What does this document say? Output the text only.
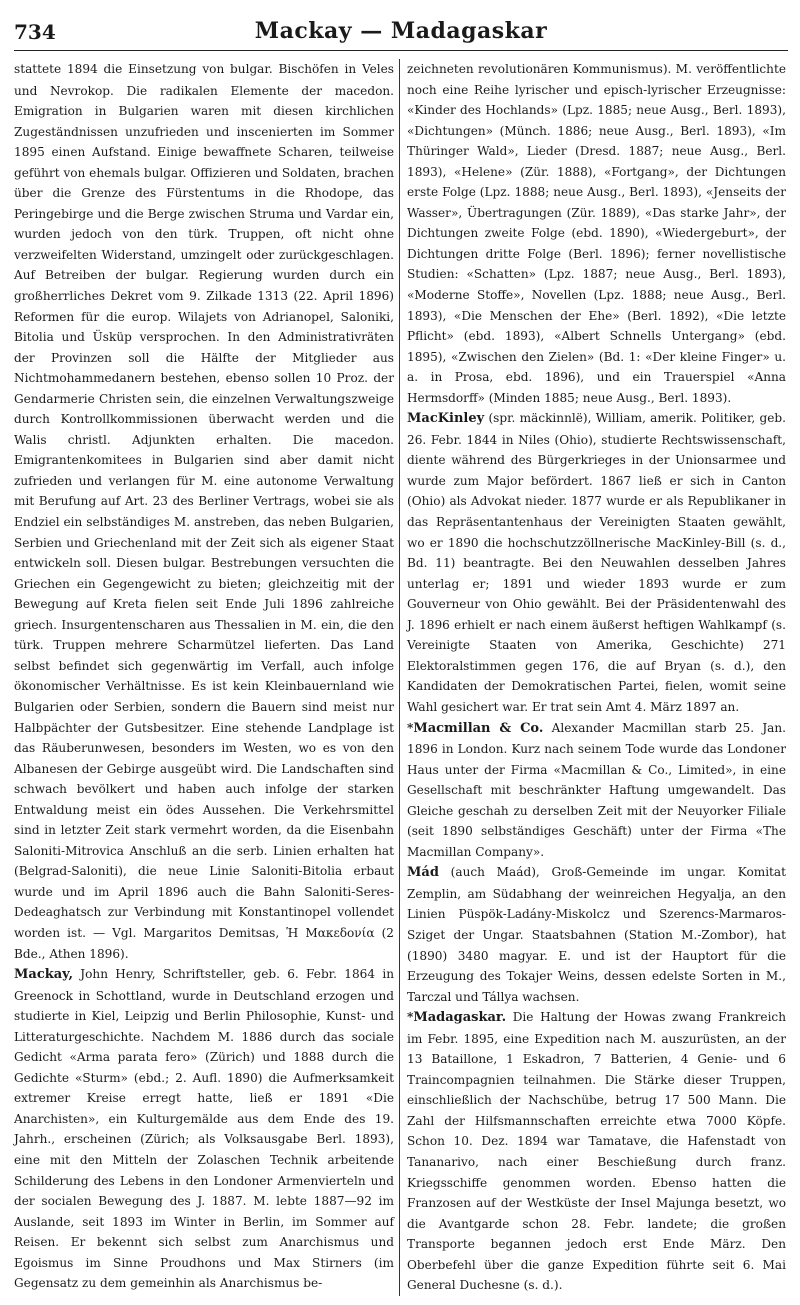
734	Mackay — Madagaskar

stattete 1894 die Einsetzung von bulgar. Bischöfen in Veles und Nevrokop. Die radikalen Elemente der macedon. Emigration in Bulgarien waren mit diesen kirchlichen Zugeständnissen unzufrieden und inscenierten im Sommer 1895 einen Aufstand. Einige bewaffnete Scharen, teilweise geführt von ehemals bulgar. Offizieren und Soldaten, brachen über die Grenze des Fürstentums in die Rhodope, das Peringebirge und die Berge zwischen Struma und Vardar ein, wurden jedoch von den türk. Truppen, oft nicht ohne verzweifelten Widerstand, umzingelt oder zurückgeschlagen. Auf Betreiben der bulgar. Regierung wurden durch ein großherrliches Dekret vom 9. Zilkade 1313 (22. April 1896) Reformen für die europ. Wilajets von Adrianopel, Saloniki, Bitolia und Üsküp versprochen. In den Administrativräten der Provinzen soll die Hälfte der Mitglieder aus Nichtmohammedanern bestehen, ebenso sollen 10 Proz. der Gendarmerie Christen sein, die einzelnen Verwaltungszweige durch Kontrollkommissionen überwacht werden und die Walis christl. Adjunkten erhalten. Die macedon. Emigrantenkomitees in Bulgarien sind aber damit nicht zufrieden und verlangen für M. eine autonome Verwaltung mit Berufung auf Art. 23 des Berliner Vertrags, wobei sie als Endziel ein selbständiges M. anstreben, das neben Bulgarien, Serbien und Griechenland mit der Zeit sich als eigener Staat entwickeln soll. Diesen bulgar. Bestrebungen versuchten die Griechen ein Gegengewicht zu bieten; gleichzeitig mit der Bewegung auf Kreta fielen seit Ende Juli 1896 zahlreiche griech. Insurgentenscharen aus Thessalien in M. ein, die den türk. Truppen mehrere Scharmützel lieferten. Das Land selbst befindet sich gegenwärtig im Verfall, auch infolge ökonomischer Verhältnisse. Es ist kein Kleinbauernland wie Bulgarien oder Serbien, sondern die Bauern sind meist nur Halbpächter der Gutsbesitzer. Eine stehende Landplage ist das Räuberunwesen, besonders im Westen, wo es von den Albanesen der Gebirge ausgeübt wird. Die Landschaften sind schwach bevölkert und haben auch infolge der starken Entwaldung meist ein ödes Aussehen. Die Verkehrsmittel sind in letzter Zeit stark vermehrt worden, da die Eisenbahn Saloniti-Mitrovica Anschluß an die serb. Linien erhalten hat (Belgrad-Saloniti), die neue Linie Saloniti-Bitolia erbaut wurde und im April 1896 auch die Bahn Saloniti-Seres-Dedeaghatsch zur Verbindung mit Konstantinopel vollendet worden ist. — Vgl. Margaritos Demitsas, Ἡ Μακεδονία (2 Bde., Athen 1896).

Mackay, John Henry, Schriftsteller, geb. 6. Febr. 1864 in Greenock in Schottland, wurde in Deutschland erzogen und studierte in Kiel, Leipzig und Berlin Philosophie, Kunst- und Litteraturgeschichte. Nachdem M. 1886 durch das sociale Gedicht «Arma parata fero» (Zürich) und 1888 durch die Gedichte «Sturm» (ebd.; 2. Aufl. 1890) die Aufmerksamkeit extremer Kreise erregt hatte, ließ er 1891 «Die Anarchisten», ein Kulturgemälde aus dem Ende des 19. Jahrh., erscheinen (Zürich; als Volksausgabe Berl. 1893), eine mit den Mitteln der Zolaschen Technik arbeitende Schilderung des Lebens in den Londoner Armenvierteln und der socialen Bewegung des J. 1887. M. lebte 1887—92 im Auslande, seit 1893 im Winter in Berlin, im Sommer auf Reisen. Er bekennt sich selbst zum Anarchismus und Egoismus im Sinne Proudhons und Max Stirners (im Gegensatz zu dem gemeinhin als Anarchismus be-

zeichneten revolutionären Kommunismus). M. veröffentlichte noch eine Reihe lyrischer und episch-lyrischer Erzeugnisse: «Kinder des Hochlands» (Lpz. 1885; neue Ausg., Berl. 1893), «Dichtungen» (Münch. 1886; neue Ausg., Berl. 1893), «Im Thüringer Wald», Lieder (Dresd. 1887; neue Ausg., Berl. 1893), «Helene» (Zür. 1888), «Fortgang», der Dichtungen erste Folge (Lpz. 1888; neue Ausg., Berl. 1893), «Jenseits der Wasser», Übertragungen (Zür. 1889), «Das starke Jahr», der Dichtungen zweite Folge (ebd. 1890), «Wiedergeburt», der Dichtungen dritte Folge (Berl. 1896); ferner novellistische Studien: «Schatten» (Lpz. 1887; neue Ausg., Berl. 1893), «Moderne Stoffe», Novellen (Lpz. 1888; neue Ausg., Berl. 1893), «Die Menschen der Ehe» (Berl. 1892), «Die letzte Pflicht» (ebd. 1893), «Albert Schnells Untergang» (ebd. 1895), «Zwischen den Zielen» (Bd. 1: «Der kleine Finger» u. a. in Prosa, ebd. 1896), und ein Trauerspiel «Anna Hermsdorff» (Minden 1885; neue Ausg., Berl. 1893).

MacKinley (spr. mäckinnlë), William, amerik. Politiker, geb. 26. Febr. 1844 in Niles (Ohio), studierte Rechtswissenschaft, diente während des Bürgerkrieges in der Unionsarmee und wurde zum Major befördert. 1867 ließ er sich in Canton (Ohio) als Advokat nieder. 1877 wurde er als Republikaner in das Repräsentantenhaus der Vereinigten Staaten gewählt, wo er 1890 die hochschutzzöllnerische MacKinley-Bill (s. d., Bd. 11) beantragte. Bei den Neuwahlen desselben Jahres unterlag er; 1891 und wieder 1893 wurde er zum Gouverneur von Ohio gewählt. Bei der Präsidentenwahl des J. 1896 erhielt er nach einem äußerst heftigen Wahlkampf (s. Vereinigte Staaten von Amerika, Geschichte) 271 Elektoralstimmen gegen 176, die auf Bryan (s. d.), den Kandidaten der Demokratischen Partei, fielen, womit seine Wahl gesichert war. Er trat sein Amt 4. März 1897 an.

*Macmillan & Co. Alexander Macmillan starb 25. Jan. 1896 in London. Kurz nach seinem Tode wurde das Londoner Haus unter der Firma «Macmillan & Co., Limited», in eine Gesellschaft mit beschränkter Haftung umgewandelt. Das Gleiche geschah zu derselben Zeit mit der Neuyorker Filiale (seit 1890 selbständiges Geschäft) unter der Firma «The Macmillan Company».

Mád (auch Maád), Groß-Gemeinde im ungar. Komitat Zemplin, am Südabhang der weinreichen Hegyalja, an den Linien Püspök-Ladány-Miskolcz und Szerencs-Marmaros-Sziget der Ungar. Staatsbahnen (Station M.-Zombor), hat (1890) 3480 magyar. E. und ist der Hauptort für die Erzeugung des Tokajer Weins, dessen edelste Sorten in M., Tarczal und Tállya wachsen.

*Madagaskar. Die Haltung der Howas zwang Frankreich im Febr. 1895, eine Expedition nach M. auszurüsten, an der 13 Bataillone, 1 Eskadron, 7 Batterien, 4 Genie- und 6 Traincompagnien teilnahmen. Die Stärke dieser Truppen, einschließlich der Nachschübe, betrug 17 500 Mann. Die Zahl der Hilfsmannschaften erreichte etwa 7000 Köpfe. Schon 10. Dez. 1894 war Tamatave, die Hafenstadt von Tananarivo, nach einer Beschießung durch franz. Kriegsschiffe genommen worden. Ebenso hatten die Franzosen auf der Westküste der Insel Majunga besetzt, wo die Avantgarde schon 28. Febr. landete; die großen Transporte begannen jedoch erst Ende März. Den Oberbefehl über die ganze Expedition führte seit 6. Mai General Duchesne (s. d.).
